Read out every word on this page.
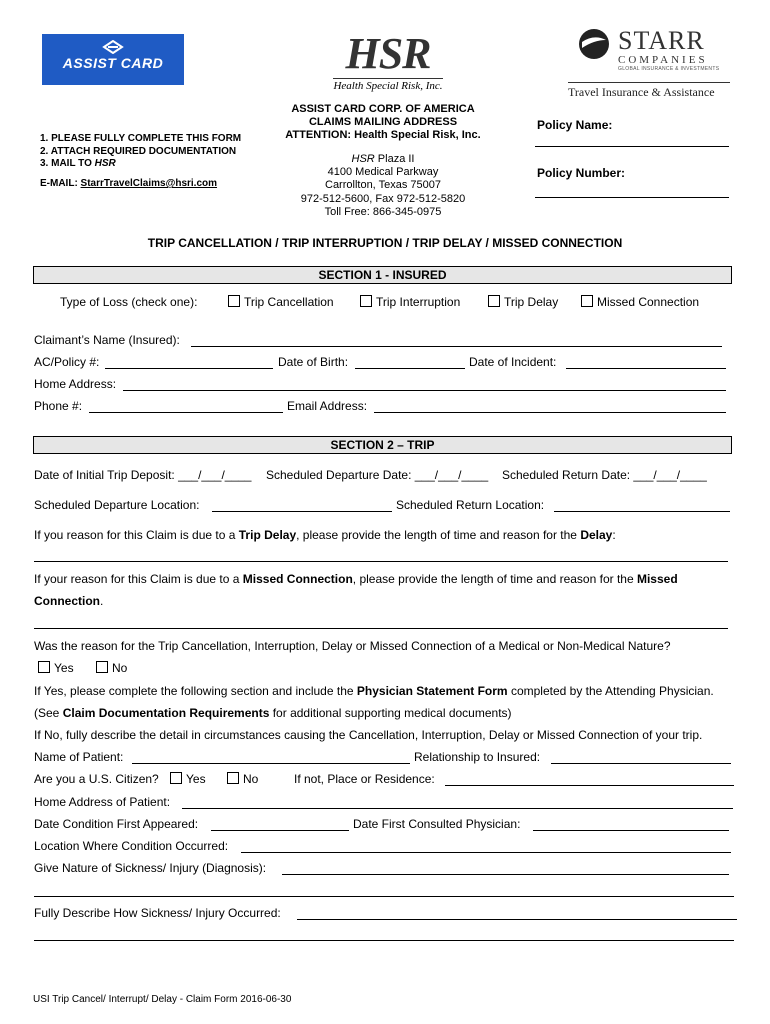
ASSIST CARD	HSR
Health Special Risk, Inc.
STARR
COMPANIES
GLOBAL INSURANCE & INVESTMENTS
Travel Insurance & Assistance
1. PLEASE FULLY COMPLETE THIS FORM
2. ATTACH REQUIRED DOCUMENTATION
3. MAIL TO HSR
E-MAIL: StarrTravelClaims@hsri.com
ASSIST CARD CORP. OF AMERICA
CLAIMS MAILING ADDRESS
ATTENTION: Health Special Risk, Inc.
HSR Plaza II
4100 Medical Parkway
Carrollton, Texas 75007
972-512-5600, Fax 972-512-5820
Toll Free: 866-345-0975
Policy Name:
Policy Number:
TRIP CANCELLATION / TRIP INTERRUPTION / TRIP DELAY / MISSED CONNECTION
SECTION 1 - INSURED
Type of Loss (check one):	Trip Cancellation	Trip Interruption	Trip Delay	Missed Connection
Claimant’s Name (Insured):
AC/Policy #:	Date of Birth:	Date of Incident:
Home Address:
Phone #:	Email Address:
SECTION 2 – TRIP
Date of Initial Trip Deposit: ___/___/____ Scheduled Departure Date: ___/___/____ Scheduled Return Date: ___/___/____
Scheduled Departure Location:	Scheduled Return Location:
If you reason for this Claim is due to a Trip Delay, please provide the length of time and reason for the Delay:
If your reason for this Claim is due to a Missed Connection, please provide the length of time and reason for the Missed
Connection.
Was the reason for the Trip Cancellation, Interruption, Delay or Missed Connection of a Medical or Non-Medical Nature?
Yes	No
If Yes, please complete the following section and include the Physician Statement Form completed by the Attending Physician.
(See Claim Documentation Requirements for additional supporting medical documents)
If No, fully describe the detail in circumstances causing the Cancellation, Interruption, Delay or Missed Connection of your trip.
Name of Patient:	Relationship to Insured:
Are you a U.S. Citizen?	Yes	No	If not, Place or Residence:
Home Address of Patient:
Date Condition First Appeared:	Date First Consulted Physician:
Location Where Condition Occurred:
Give Nature of Sickness/ Injury (Diagnosis):
Fully Describe How Sickness/ Injury Occurred:
USI Trip Cancel/ Interrupt/ Delay - Claim Form 2016-06-30
